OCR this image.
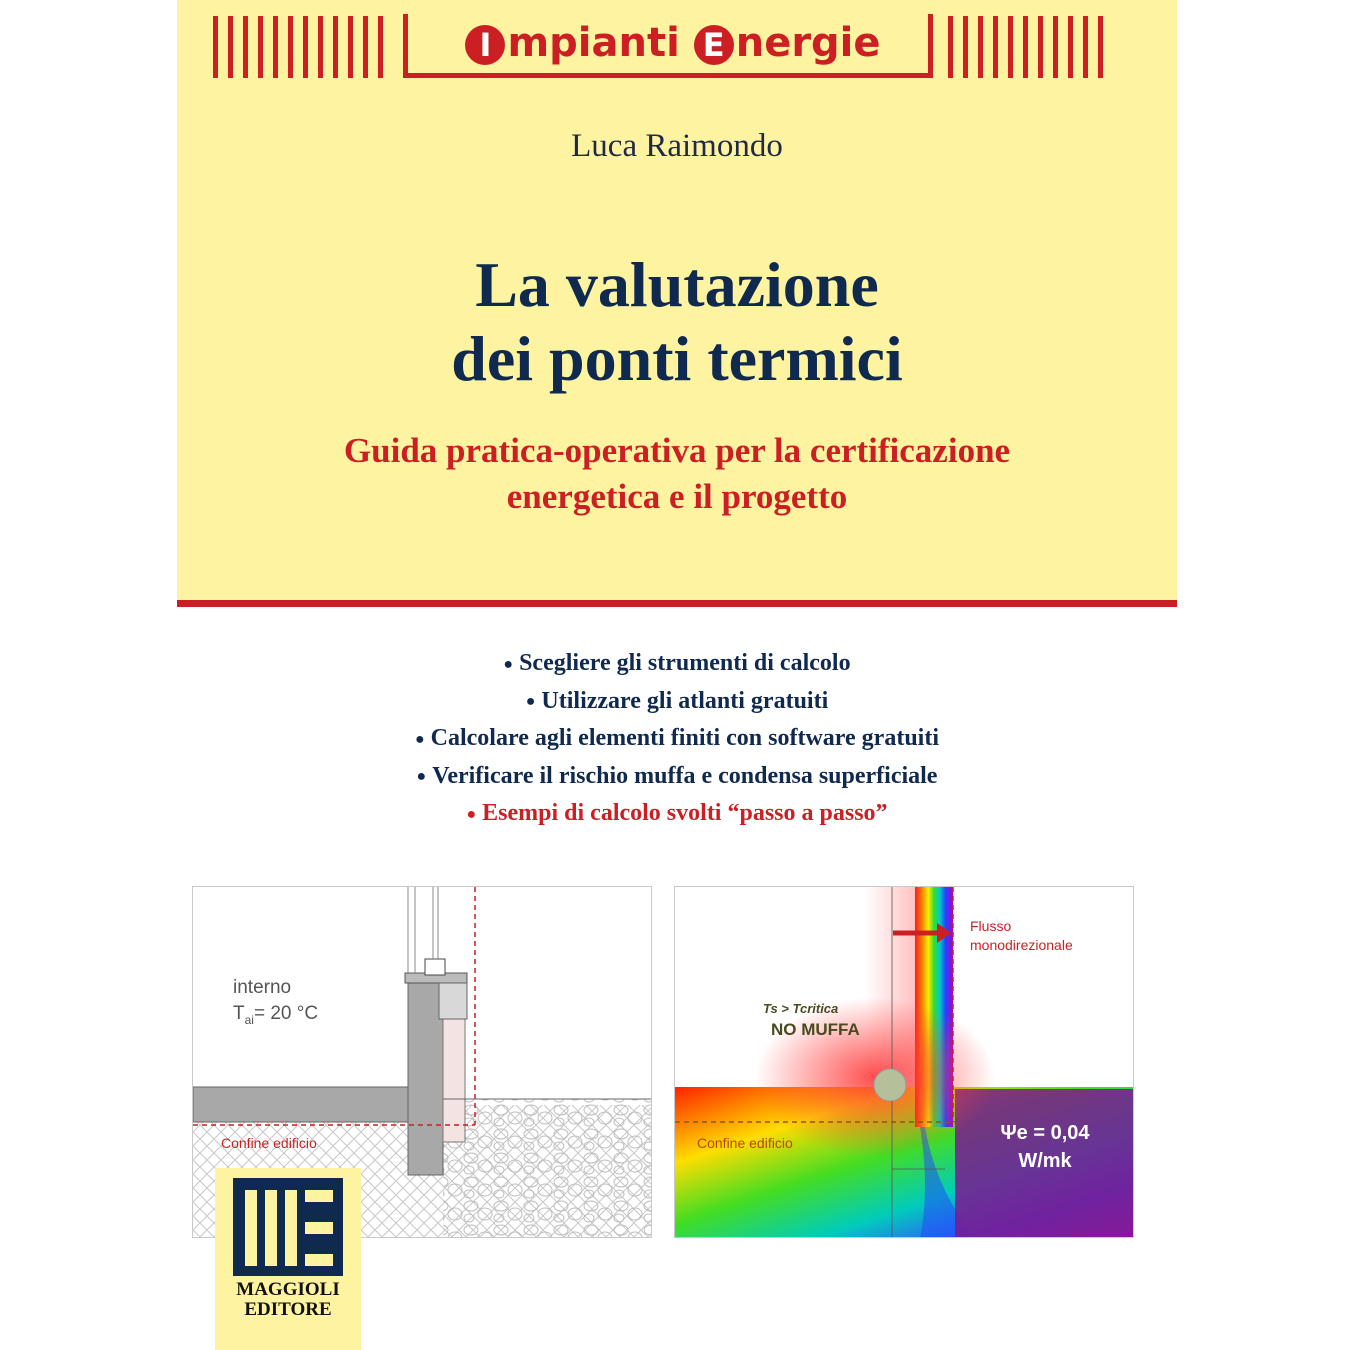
I mpianti E nergie
Luca Raimondo
La valutazione
dei ponti termici
Guida pratica-operativa per la certificazione
energetica e il progetto
● Scegliere gli strumenti di calcolo
● Utilizzare gli atlanti gratuiti
● Calcolare agli elementi finiti con software gratuiti
● Verificare il rischio muffa e condensa superficiale
● Esempi di calcolo svolti “passo a passo”
interno
$T_{ai}= 20$ °C
Confine edificio
Flusso
monodirezionale
Ts > Tcritica
NO MUFFA
Confine edificio	Ψe = 0,04
W/mk
MAGGIOLI
EDITORE
